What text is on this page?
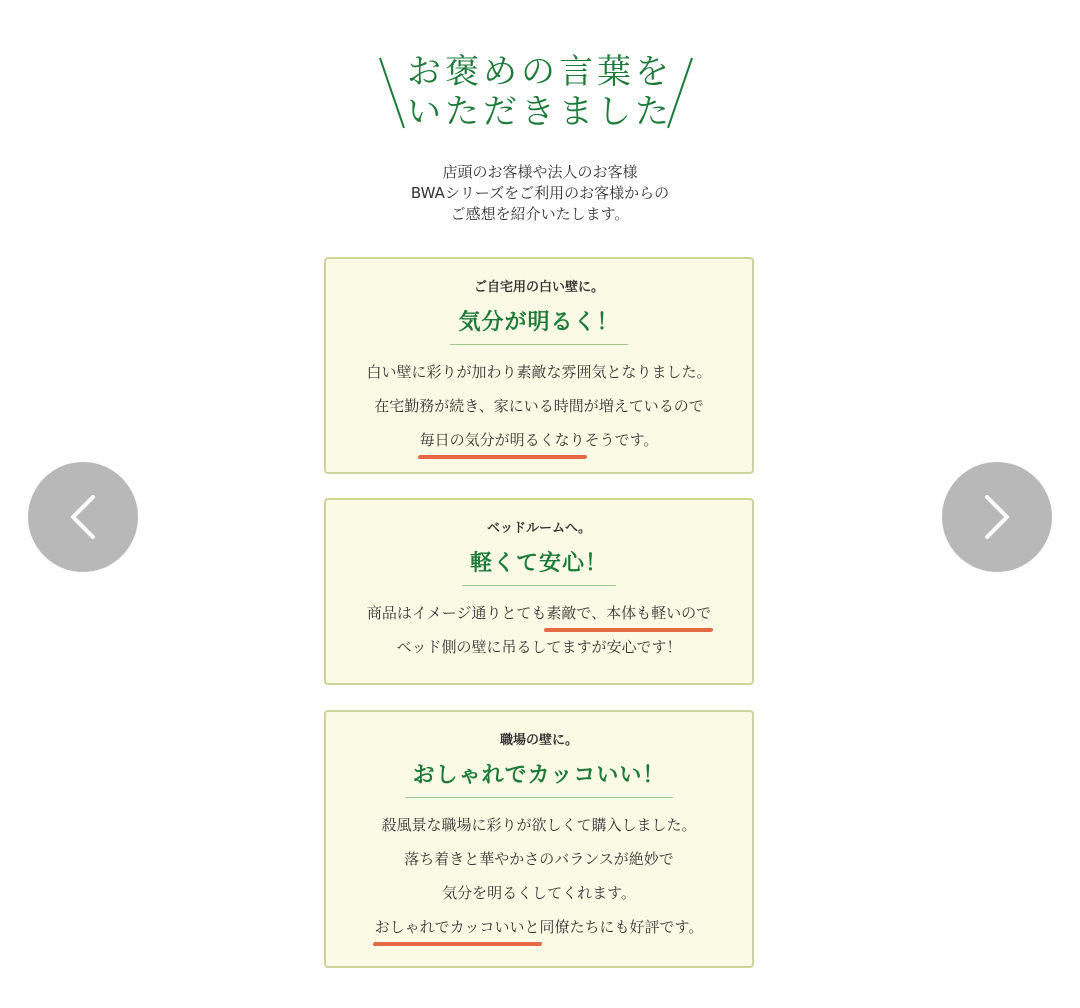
お褒めの言葉を
いただきました
店頭のお客様や法人のお客様
BWAシリーズをご利用のお客様からの
ご感想を紹介いたします。
ご自宅用の白い壁に。
気分が明るく！
白い壁に彩りが加わり素敵な雰囲気となりました。
在宅勤務が続き、家にいる時間が増えているので
毎日の気分が明るくなりそうです。
ベッドルームへ。
軽くて安心！
商品はイメージ通りとても素敵で、本体も軽いので
ベッド側の壁に吊るしてますが安心です！
職場の壁に。
おしゃれでカッコいい！
殺風景な職場に彩りが欲しくて購入しました。
落ち着きと華やかさのバランスが絶妙で
気分を明るくしてくれます。
おしゃれでカッコいいと同僚たちにも好評です。
